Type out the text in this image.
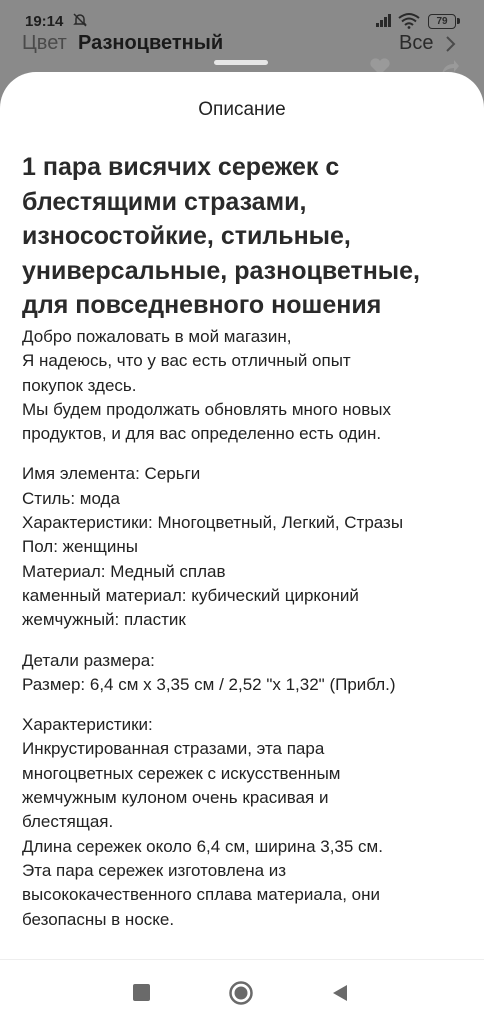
19:14	79
Цвет Разноцветный	Все
Описание
1 пара висячих сережек с
блестящими стразами,
износостойкие, стильные,
универсальные, разноцветные,
для повседневного ношения

Добро пожаловать в мой магазин,
Я надеюсь, что у вас есть отличный опыт
покупок здесь.
Мы будем продолжать обновлять много новых
продуктов, и для вас определенно есть один.

Имя элемента: Серьги
Стиль: мода
Характеристики: Многоцветный, Легкий, Стразы
Пол: женщины
Материал: Медный сплав
каменный материал: кубический цирконий
жемчужный: пластик

Детали размера:
Размер: 6,4 см x 3,35 см / 2,52 "x 1,32" (Прибл.)

Характеристики:
Инкрустированная стразами, эта пара
многоцветных сережек с искусственным
жемчужным кулоном очень красивая и
блестящая.
Длина сережек около 6,4 см, ширина 3,35 см.
Эта пара сережек изготовлена из
высококачественного сплава материала, они
безопасны в носке.
